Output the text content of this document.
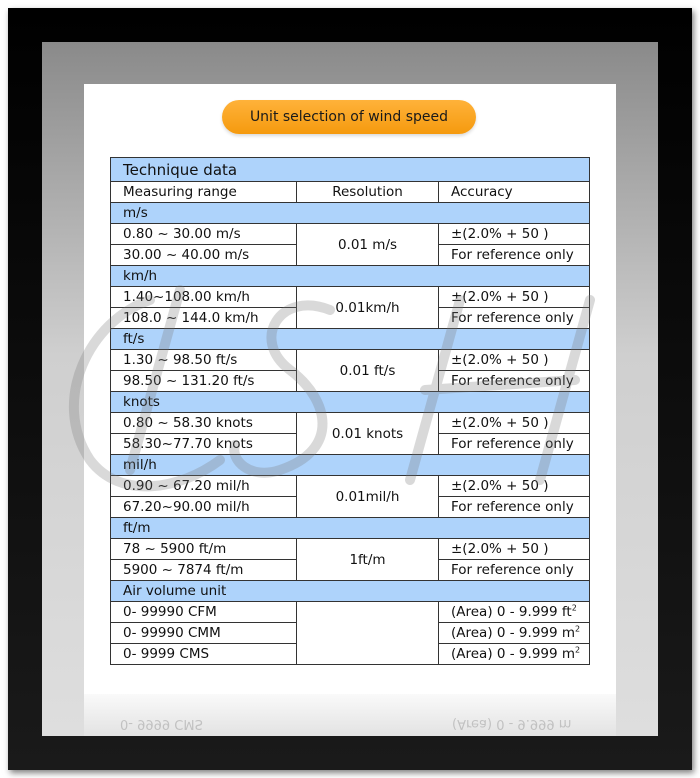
Unit selection of wind speed
Technique data		
Measuring range	Resolution	Accuracy
m/s		
0.80 ~ 30.00 m/s	0.01 m/s	±(2.0% + 50 )
30.00 ~ 40.00 m/s		For reference only
km/h		
1.40~108.00 km/h	0.01km/h	±(2.0% + 50 )
108.0 ~ 144.0 km/h		For reference only
ft/s		
1.30 ~ 98.50 ft/s	0.01 ft/s	±(2.0% + 50 )
98.50 ~ 131.20 ft/s		For reference only
knots		
0.80 ~ 58.30 knots	0.01 knots	±(2.0% + 50 )
58.30~77.70 knots		For reference only
mil/h		
0.90 ~ 67.20 mil/h	0.01mil/h	±(2.0% + 50 )
67.20~90.00 mil/h		For reference only
ft/m		
78 ~ 5900 ft/m	1ft/m	±(2.0% + 50 )
5900 ~ 7874 ft/m		For reference only
Air volume unit		
0- 99990 CFM		(Area) 0 - 9.999 $ft^2$
0- 99990 CMM		(Area) 0 - 9.999 $m^2$
0- 9999 CMS		(Area) 0 - 9.999 $m^2$
0- 9999 CMS	(Area) 0 - 9.999 m
